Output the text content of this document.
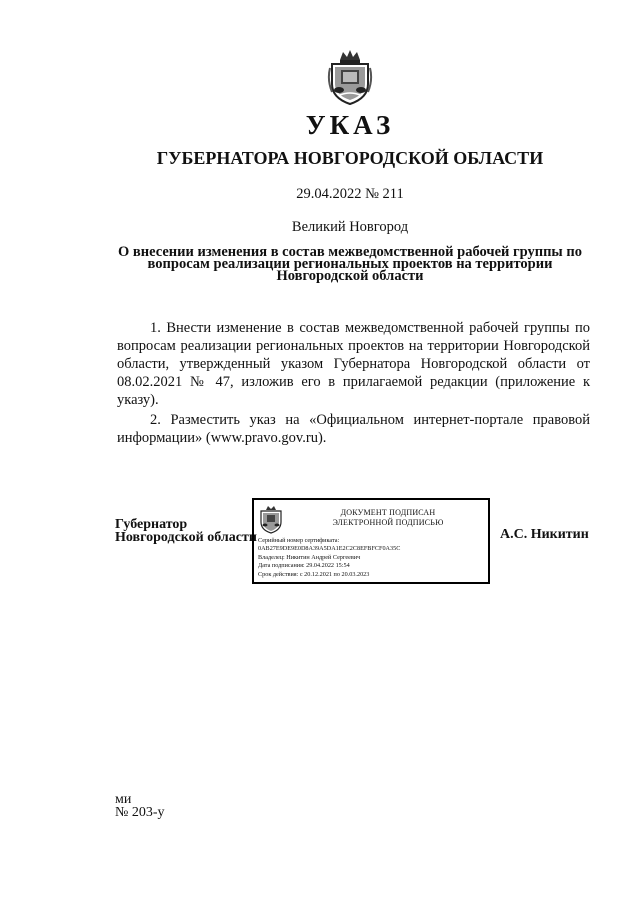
УКАЗ
ГУБЕРНАТОРА НОВГОРОДСКОЙ ОБЛАСТИ
29.04.2022 № 211
Великий Новгород
О внесении изменения в состав межведомственной рабочей группы по
вопросам реализации региональных проектов на территории
Новгородской области
1. Внести изменение в состав межведомственной рабочей группы по вопросам реализации региональных проектов на территории Новгородской области, утвержденный указом Губернатора Новгородской области от 08.02.2021 № 47, изложив его в прилагаемой редакции (приложение к указу).
2. Разместить указ на «Официальном интернет-портале правовой информации» (www.pravo.gov.ru).
Губернатор
Новгородской области
ДОКУМЕНТ ПОДПИСАН
ЭЛЕКТРОННОЙ ПОДПИСЬЮ
Серийный номер сертификата:
0AB27E9DE9E0D8A39A5DA1E2C2C8EFBFCF0A35C
Владелец: Никитин Андрей Сергеевич
Дата подписания: 29.04.2022 15:54
Срок действия: с 20.12.2021 по 20.03.2023
А.С. Никитин
ми
№ 203-у
